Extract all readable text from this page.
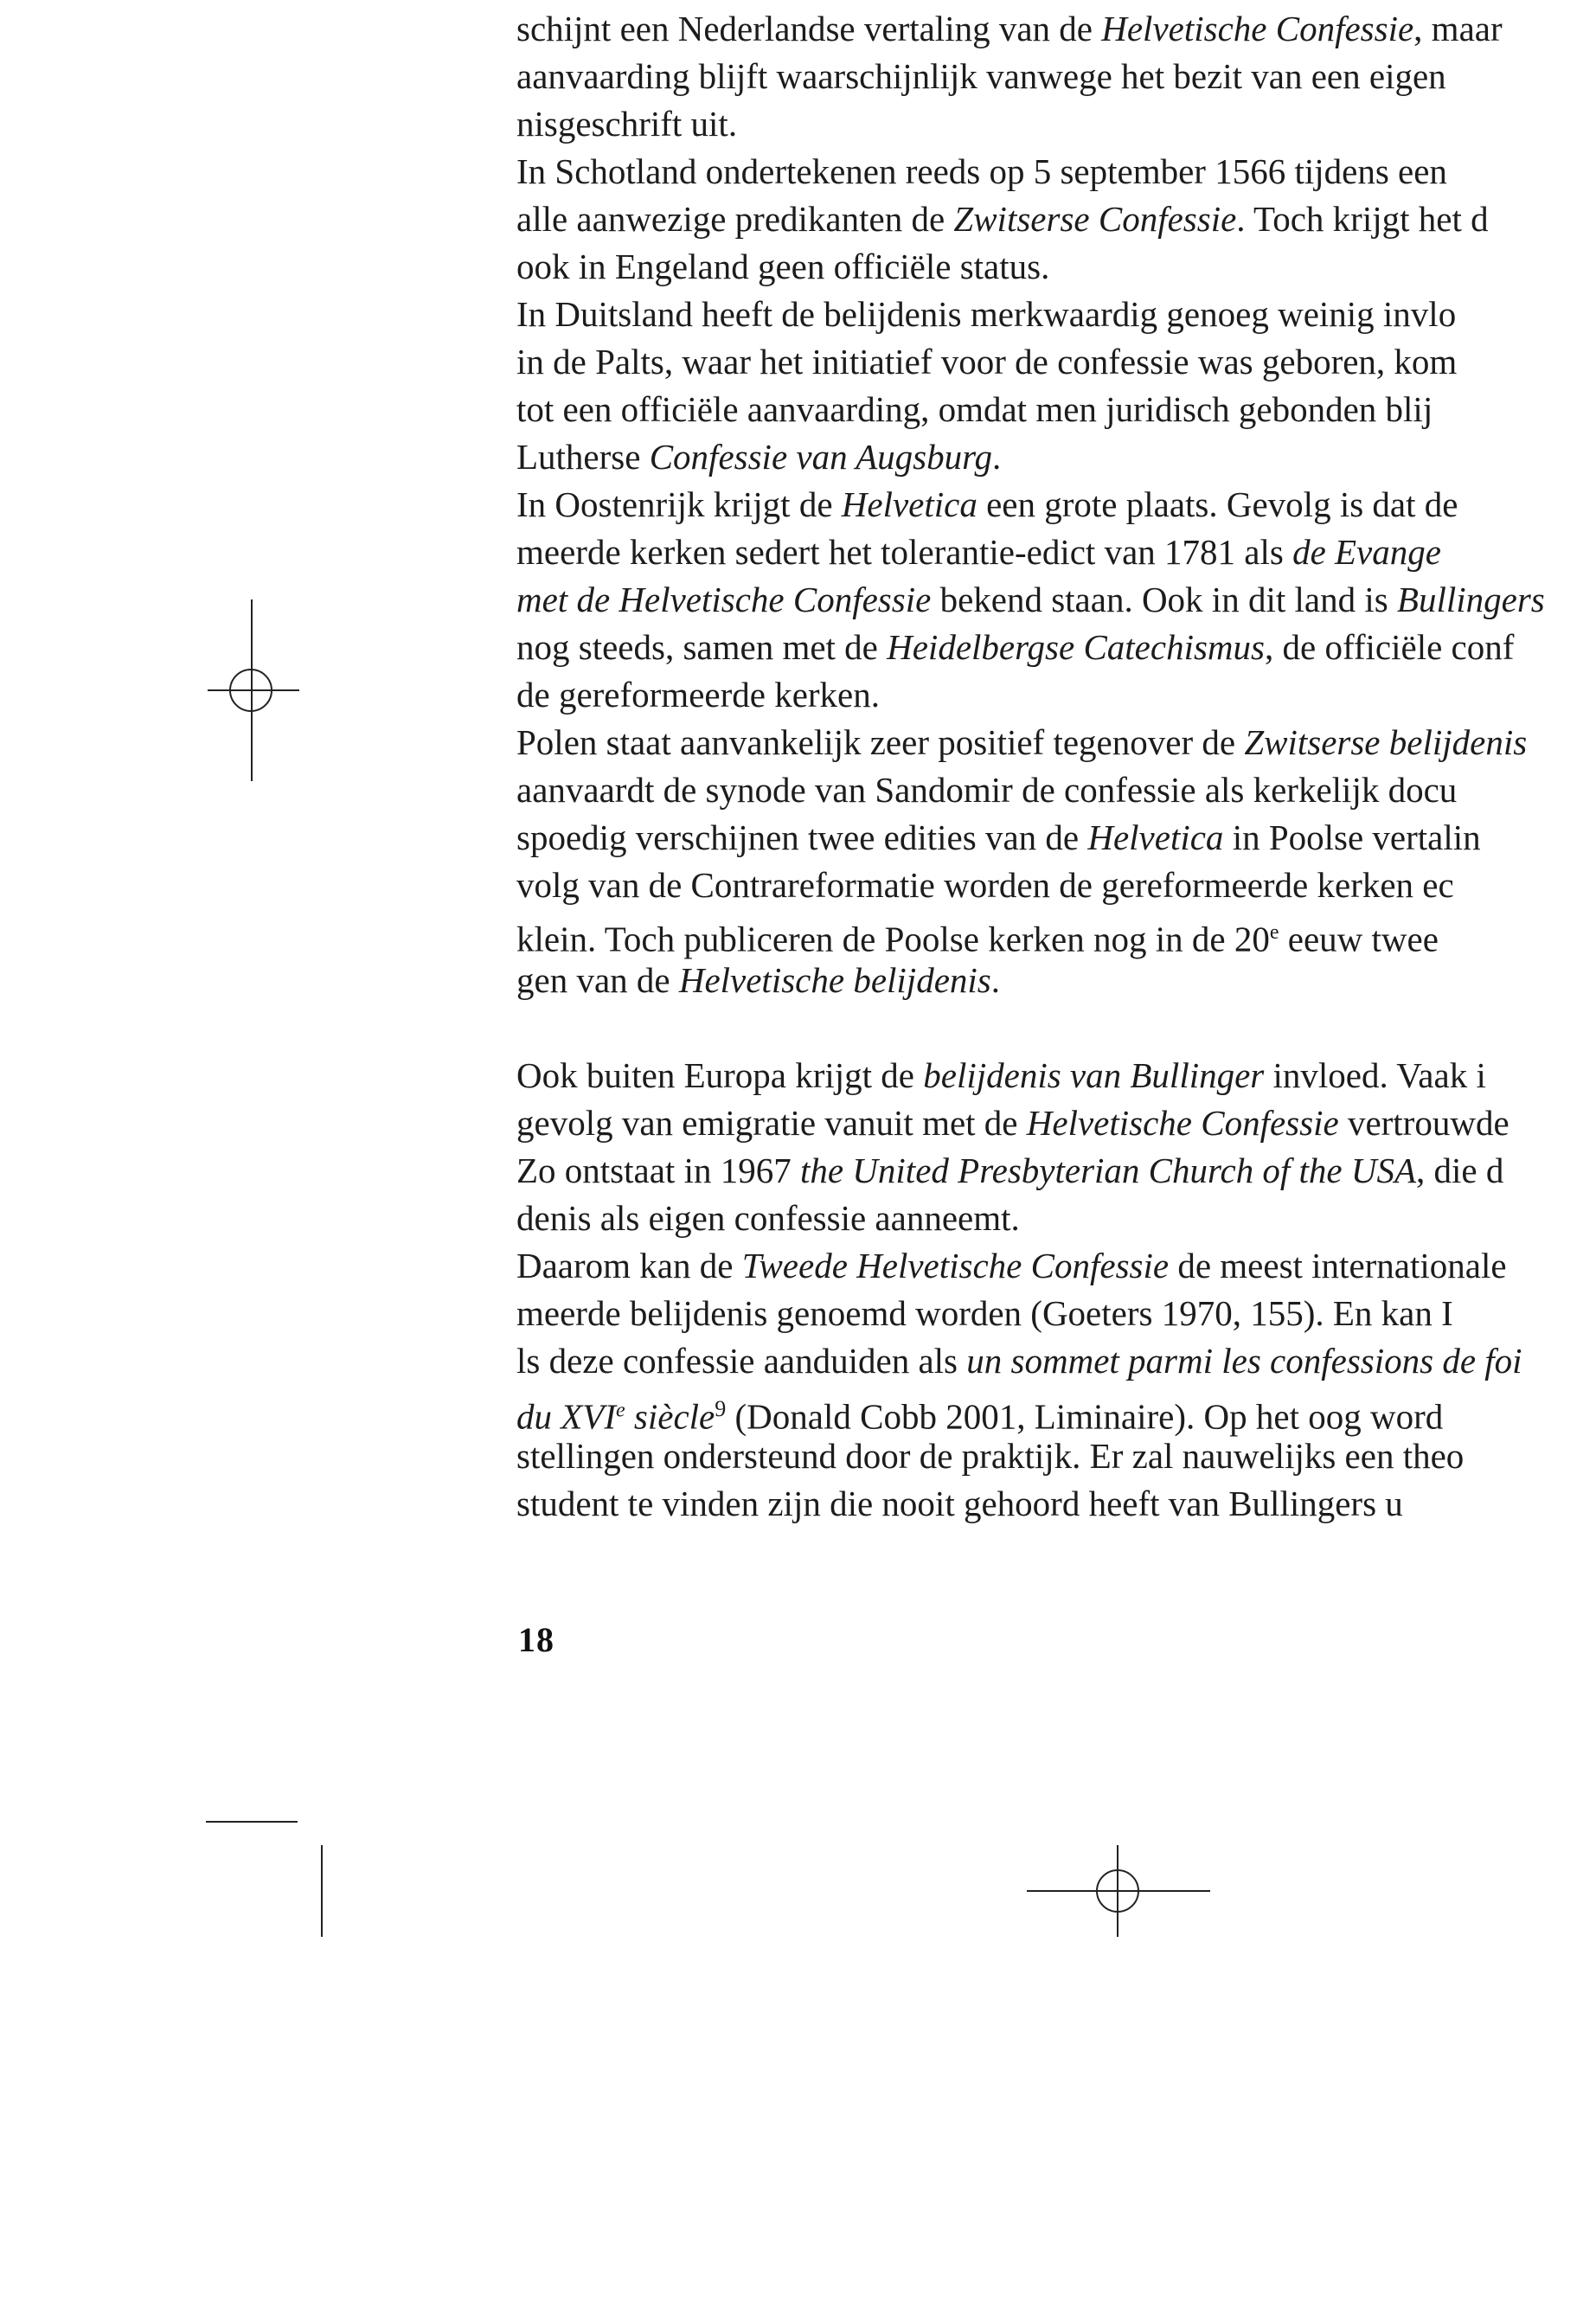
schijnt een Nederlandse vertaling van de Helvetische Confessie, maar
aanvaarding blijft waarschijnlijk vanwege het bezit van een eigen
nisgeschrift uit.
In Schotland ondertekenen reeds op 5 september 1566 tijdens een
alle aanwezige predikanten de Zwitserse Confessie. Toch krijgt het d
ook in Engeland geen officiële status.
In Duitsland heeft de belijdenis merkwaardig genoeg weinig invlo
in de Palts, waar het initiatief voor de confessie was geboren, kom
tot een officiële aanvaarding, omdat men juridisch gebonden blij
Lutherse Confessie van Augsburg.
In Oostenrijk krijgt de Helvetica een grote plaats. Gevolg is dat de
meerde kerken sedert het tolerantie-edict van 1781 als de Evange
met de Helvetische Confessie bekend staan. Ook in dit land is Bullingers
nog steeds, samen met de Heidelbergse Catechismus, de officiële conf
de gereformeerde kerken.
Polen staat aanvankelijk zeer positief tegenover de Zwitserse belijdenis
aanvaardt de synode van Sandomir de confessie als kerkelijk docu
spoedig verschijnen twee edities van de Helvetica in Poolse vertalin
volg van de Contrareformatie worden de gereformeerde kerken ec
klein. Toch publiceren de Poolse kerken nog in de 20e eeuw twee
gen van de Helvetische belijdenis.
Ook buiten Europa krijgt de belijdenis van Bullinger invloed. Vaak i
gevolg van emigratie vanuit met de Helvetische Confessie vertrouwde
Zo ontstaat in 1967 the United Presbyterian Church of the USA, die d
denis als eigen confessie aanneemt.
Daarom kan de Tweede Helvetische Confessie de meest internationale
meerde belijdenis genoemd worden (Goeters 1970, 155). En kan I
ls deze confessie aanduiden als un sommet parmi les confessions de foi
du XVIe siècle$^9$ (Donald Cobb 2001, Liminaire). Op het oog word
stellingen ondersteund door de praktijk. Er zal nauwelijks een theo
student te vinden zijn die nooit gehoord heeft van Bullingers u
18
